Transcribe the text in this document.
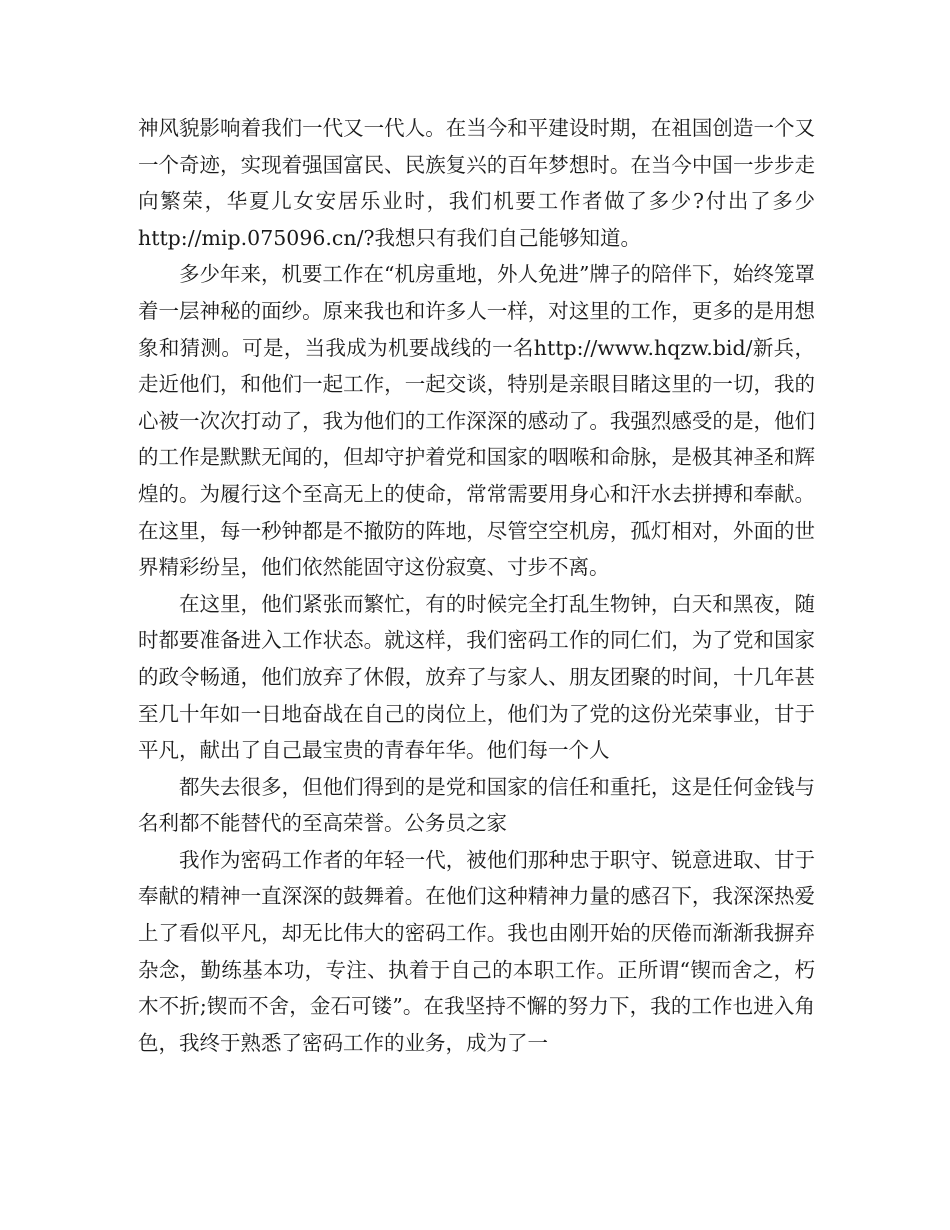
神风貌影响着我们一代又一代人。在当今和平建设时期，在祖国创造一个又一个奇迹，实现着强国富民、民族复兴的百年梦想时。在当今中国一步步走向繁荣，华夏儿女安居乐业时，我们机要工作者做了多少?付出了多少http://mip.075096.cn/?我想只有我们自己能够知道。

多少年来，机要工作在“机房重地，外人免进”牌子的陪伴下，始终笼罩着一层神秘的面纱。原来我也和许多人一样，对这里的工作，更多的是用想象和猜测。可是，当我成为机要战线的一名http://www.hqzw.bid/新兵，走近他们，和他们一起工作，一起交谈，特别是亲眼目睹这里的一切，我的心被一次次打动了，我为他们的工作深深的感动了。我强烈感受的是，他们的工作是默默无闻的，但却守护着党和国家的咽喉和命脉，是极其神圣和辉煌的。为履行这个至高无上的使命，常常需要用身心和汗水去拼搏和奉献。在这里，每一秒钟都是不撤防的阵地，尽管空空机房，孤灯相对，外面的世界精彩纷呈，他们依然能固守这份寂寞、寸步不离。

在这里，他们紧张而繁忙，有的时候完全打乱生物钟，白天和黑夜，随时都要准备进入工作状态。就这样，我们密码工作的同仁们，为了党和国家的政令畅通，他们放弃了休假，放弃了与家人、朋友团聚的时间，十几年甚至几十年如一日地奋战在自己的岗位上，他们为了党的这份光荣事业，甘于平凡，献出了自己最宝贵的青春年华。他们每一个人

都失去很多，但他们得到的是党和国家的信任和重托，这是任何金钱与名利都不能替代的至高荣誉。公务员之家

我作为密码工作者的年轻一代，被他们那种忠于职守、锐意进取、甘于奉献的精神一直深深的鼓舞着。在他们这种精神力量的感召下，我深深热爱上了看似平凡，却无比伟大的密码工作。我也由刚开始的厌倦而渐渐我摒弃杂念，勤练基本功，专注、执着于自己的本职工作。正所谓“锲而舍之，朽木不折;锲而不舍，金石可镂”。在我坚持不懈的努力下，我的工作也进入角色，我终于熟悉了密码工作的业务，成为了一
